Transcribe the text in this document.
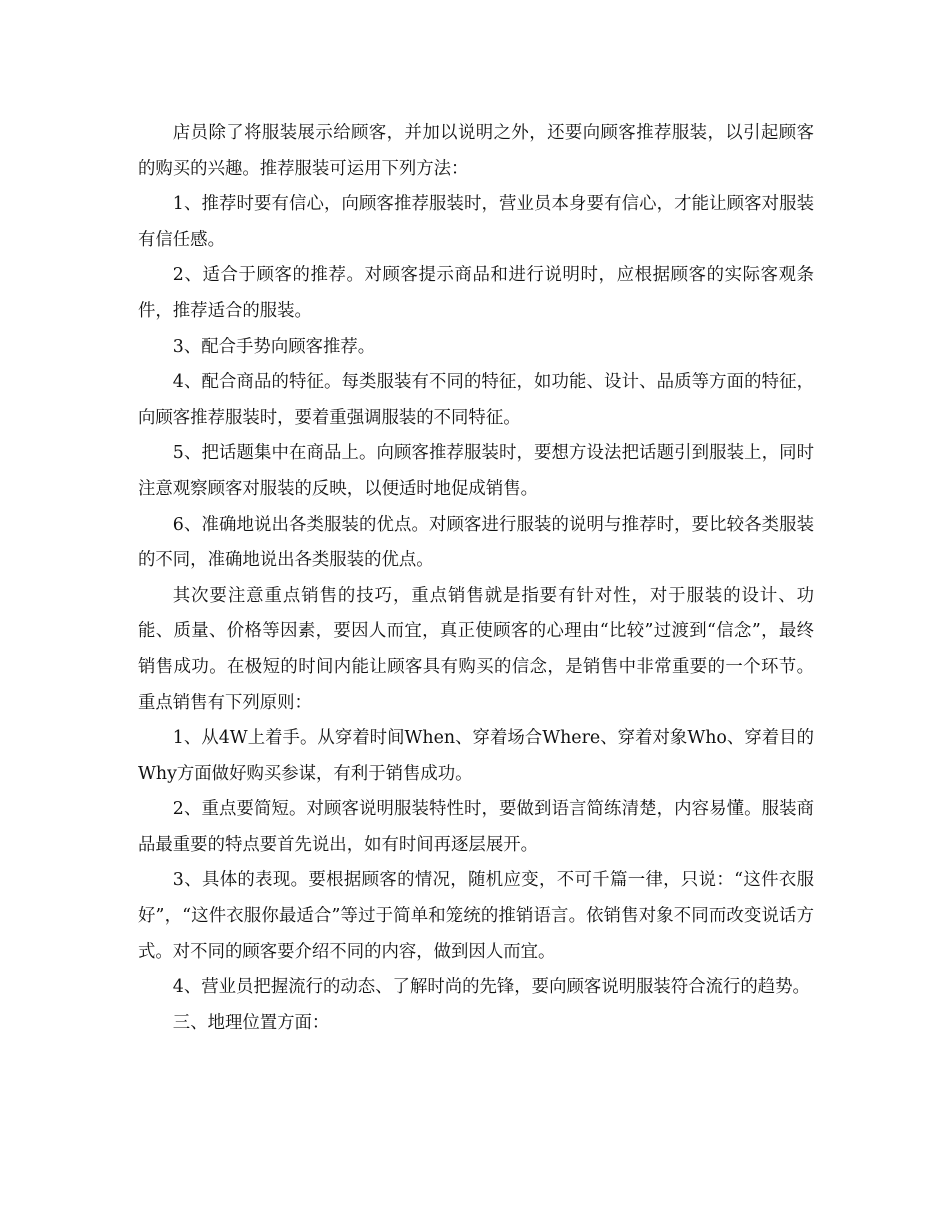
店员除了将服装展示给顾客，并加以说明之外，还要向顾客推荐服装，以引起顾客的购买的兴趣。推荐服装可运用下列方法：

1、推荐时要有信心，向顾客推荐服装时，营业员本身要有信心，才能让顾客对服装有信任感。

2、适合于顾客的推荐。对顾客提示商品和进行说明时，应根据顾客的实际客观条件，推荐适合的服装。

3、配合手势向顾客推荐。

4、配合商品的特征。每类服装有不同的特征，如功能、设计、品质等方面的特征，向顾客推荐服装时，要着重强调服装的不同特征。

5、把话题集中在商品上。向顾客推荐服装时，要想方设法把话题引到服装上，同时注意观察顾客对服装的反映，以便适时地促成销售。

6、准确地说出各类服装的优点。对顾客进行服装的说明与推荐时，要比较各类服装的不同，准确地说出各类服装的优点。

其次要注意重点销售的技巧，重点销售就是指要有针对性，对于服装的设计、功能、质量、价格等因素，要因人而宜，真正使顾客的心理由“比较”过渡到“信念”，最终销售成功。在极短的时间内能让顾客具有购买的信念，是销售中非常重要的一个环节。重点销售有下列原则：

1、从4W上着手。从穿着时间When、穿着场合Where、穿着对象Who、穿着目的Why方面做好购买参谋，有利于销售成功。

2、重点要简短。对顾客说明服装特性时，要做到语言简练清楚，内容易懂。服装商品最重要的特点要首先说出，如有时间再逐层展开。

3、具体的表现。要根据顾客的情况，随机应变，不可千篇一律，只说：“这件衣服好”，“这件衣服你最适合”等过于简单和笼统的推销语言。依销售对象不同而改变说话方式。对不同的顾客要介绍不同的内容，做到因人而宜。

4、营业员把握流行的动态、了解时尚的先锋，要向顾客说明服装符合流行的趋势。

三、地理位置方面：
